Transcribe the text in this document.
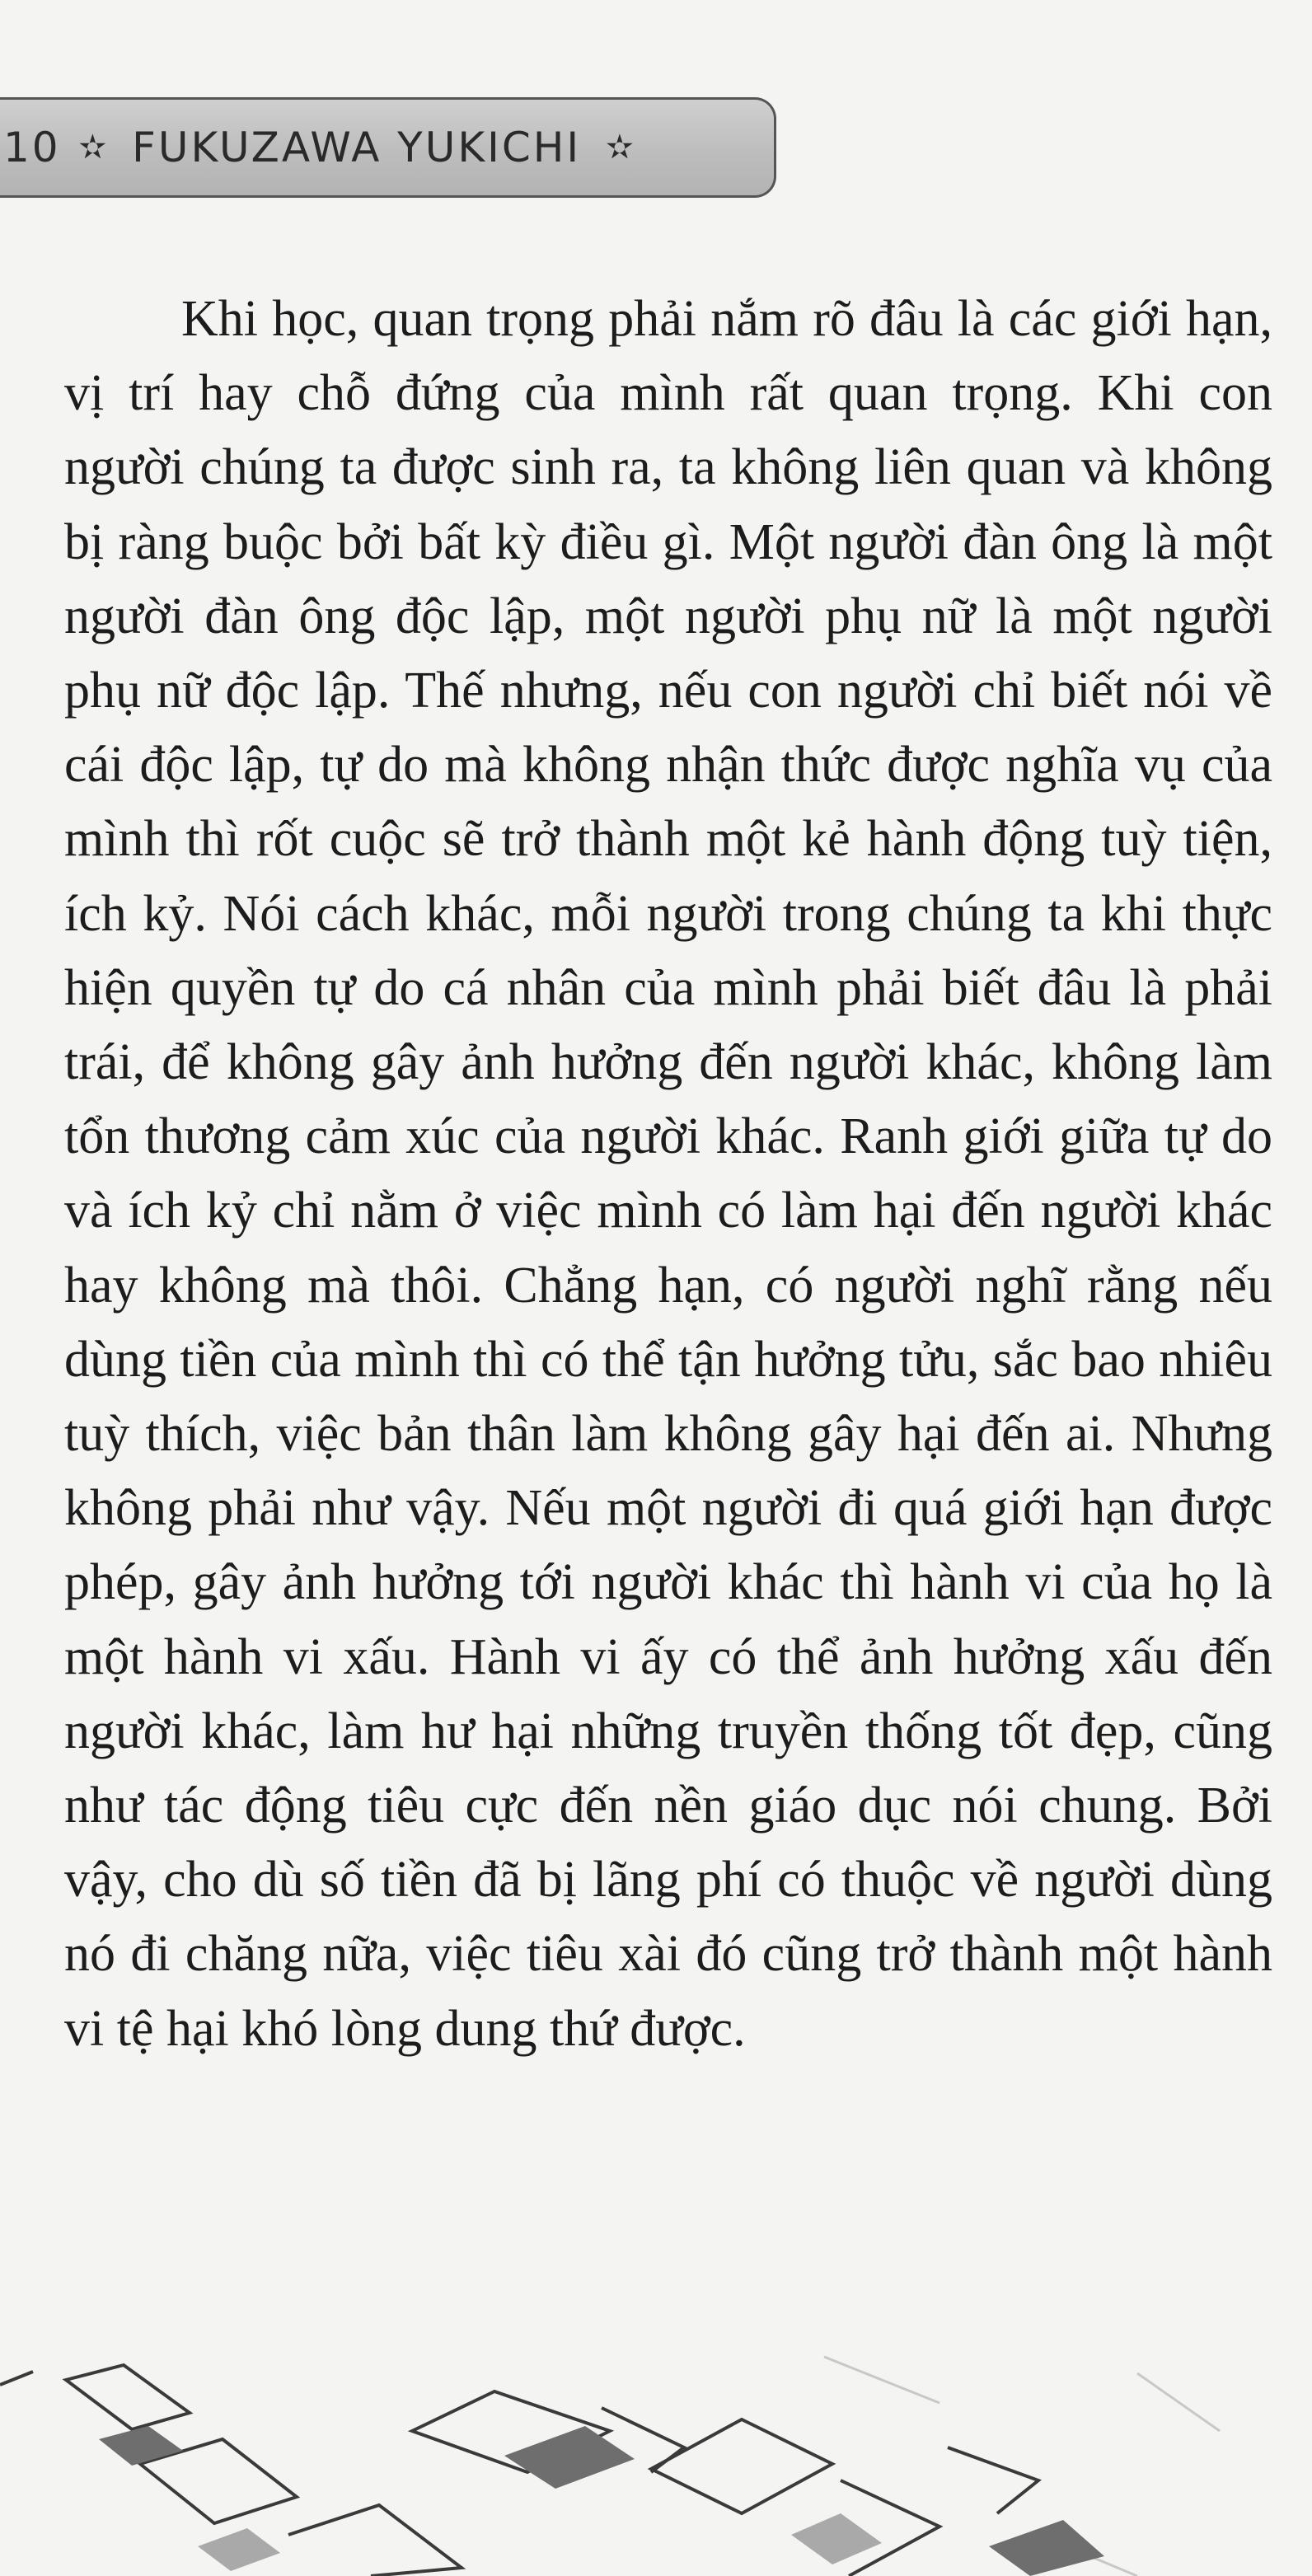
10 ✫ FUKUZAWA YUKICHI ✫

Khi học, quan trọng phải nắm rõ đâu là các giới hạn, vị trí hay chỗ đứng của mình rất quan trọng. Khi con người chúng ta được sinh ra, ta không liên quan và không bị ràng buộc bởi bất kỳ điều gì. Một người đàn ông là một người đàn ông độc lập, một người phụ nữ là một người phụ nữ độc lập. Thế nhưng, nếu con người chỉ biết nói về cái độc lập, tự do mà không nhận thức được nghĩa vụ của mình thì rốt cuộc sẽ trở thành một kẻ hành động tuỳ tiện, ích kỷ. Nói cách khác, mỗi người trong chúng ta khi thực hiện quyền tự do cá nhân của mình phải biết đâu là phải trái, để không gây ảnh hưởng đến người khác, không làm tổn thương cảm xúc của người khác. Ranh giới giữa tự do và ích kỷ chỉ nằm ở việc mình có làm hại đến người khác hay không mà thôi. Chẳng hạn, có người nghĩ rằng nếu dùng tiền của mình thì có thể tận hưởng tửu, sắc bao nhiêu tuỳ thích, việc bản thân làm không gây hại đến ai. Nhưng không phải như vậy. Nếu một người đi quá giới hạn được phép, gây ảnh hưởng tới người khác thì hành vi của họ là một hành vi xấu. Hành vi ấy có thể ảnh hưởng xấu đến người khác, làm hư hại những truyền thống tốt đẹp, cũng như tác động tiêu cực đến nền giáo dục nói chung. Bởi vậy, cho dù số tiền đã bị lãng phí có thuộc về người dùng nó đi chăng nữa, việc tiêu xài đó cũng trở thành một hành vi tệ hại khó lòng dung thứ được.
